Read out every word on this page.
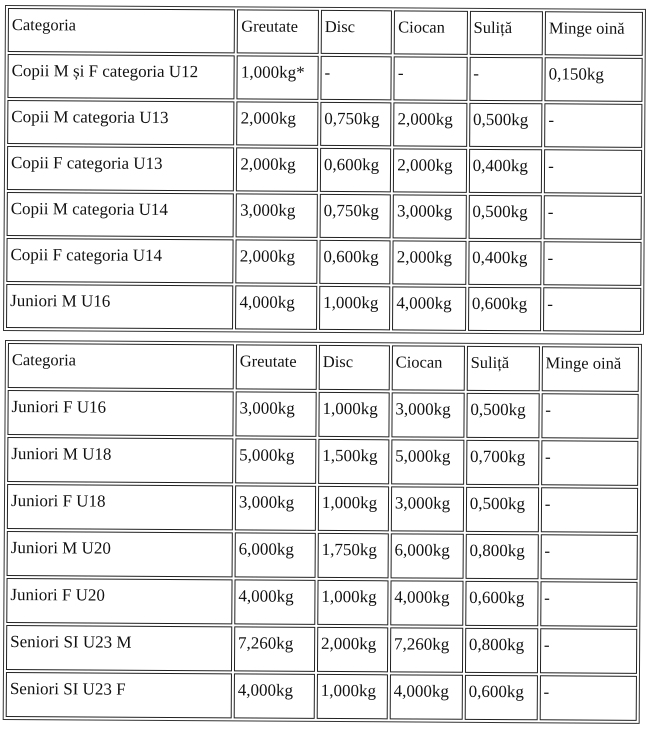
Categoria	Greutate	Disc	Ciocan	Suliță	Minge oină
Copii M și F categoria U12	1,000kg*	-	-	-	0,150kg
Copii M categoria U13	2,000kg	0,750kg	2,000kg	0,500kg	-
Copii F categoria U13	2,000kg	0,600kg	2,000kg	0,400kg	-
Copii M categoria U14	3,000kg	0,750kg	3,000kg	0,500kg	-
Copii F categoria U14	2,000kg	0,600kg	2,000kg	0,400kg	-
Juniori M U16	4,000kg	1,000kg	4,000kg	0,600kg	-
Categoria	Greutate	Disc	Ciocan	Suliță	Minge oină
Juniori F U16	3,000kg	1,000kg	3,000kg	0,500kg	-
Juniori M U18	5,000kg	1,500kg	5,000kg	0,700kg	-
Juniori F U18	3,000kg	1,000kg	3,000kg	0,500kg	-
Juniori M U20	6,000kg	1,750kg	6,000kg	0,800kg	-
Juniori F U20	4,000kg	1,000kg	4,000kg	0,600kg	-
Seniori SI U23 M	7,260kg	2,000kg	7,260kg	0,800kg	-
Seniori SI U23 F	4,000kg	1,000kg	4,000kg	0,600kg	-
